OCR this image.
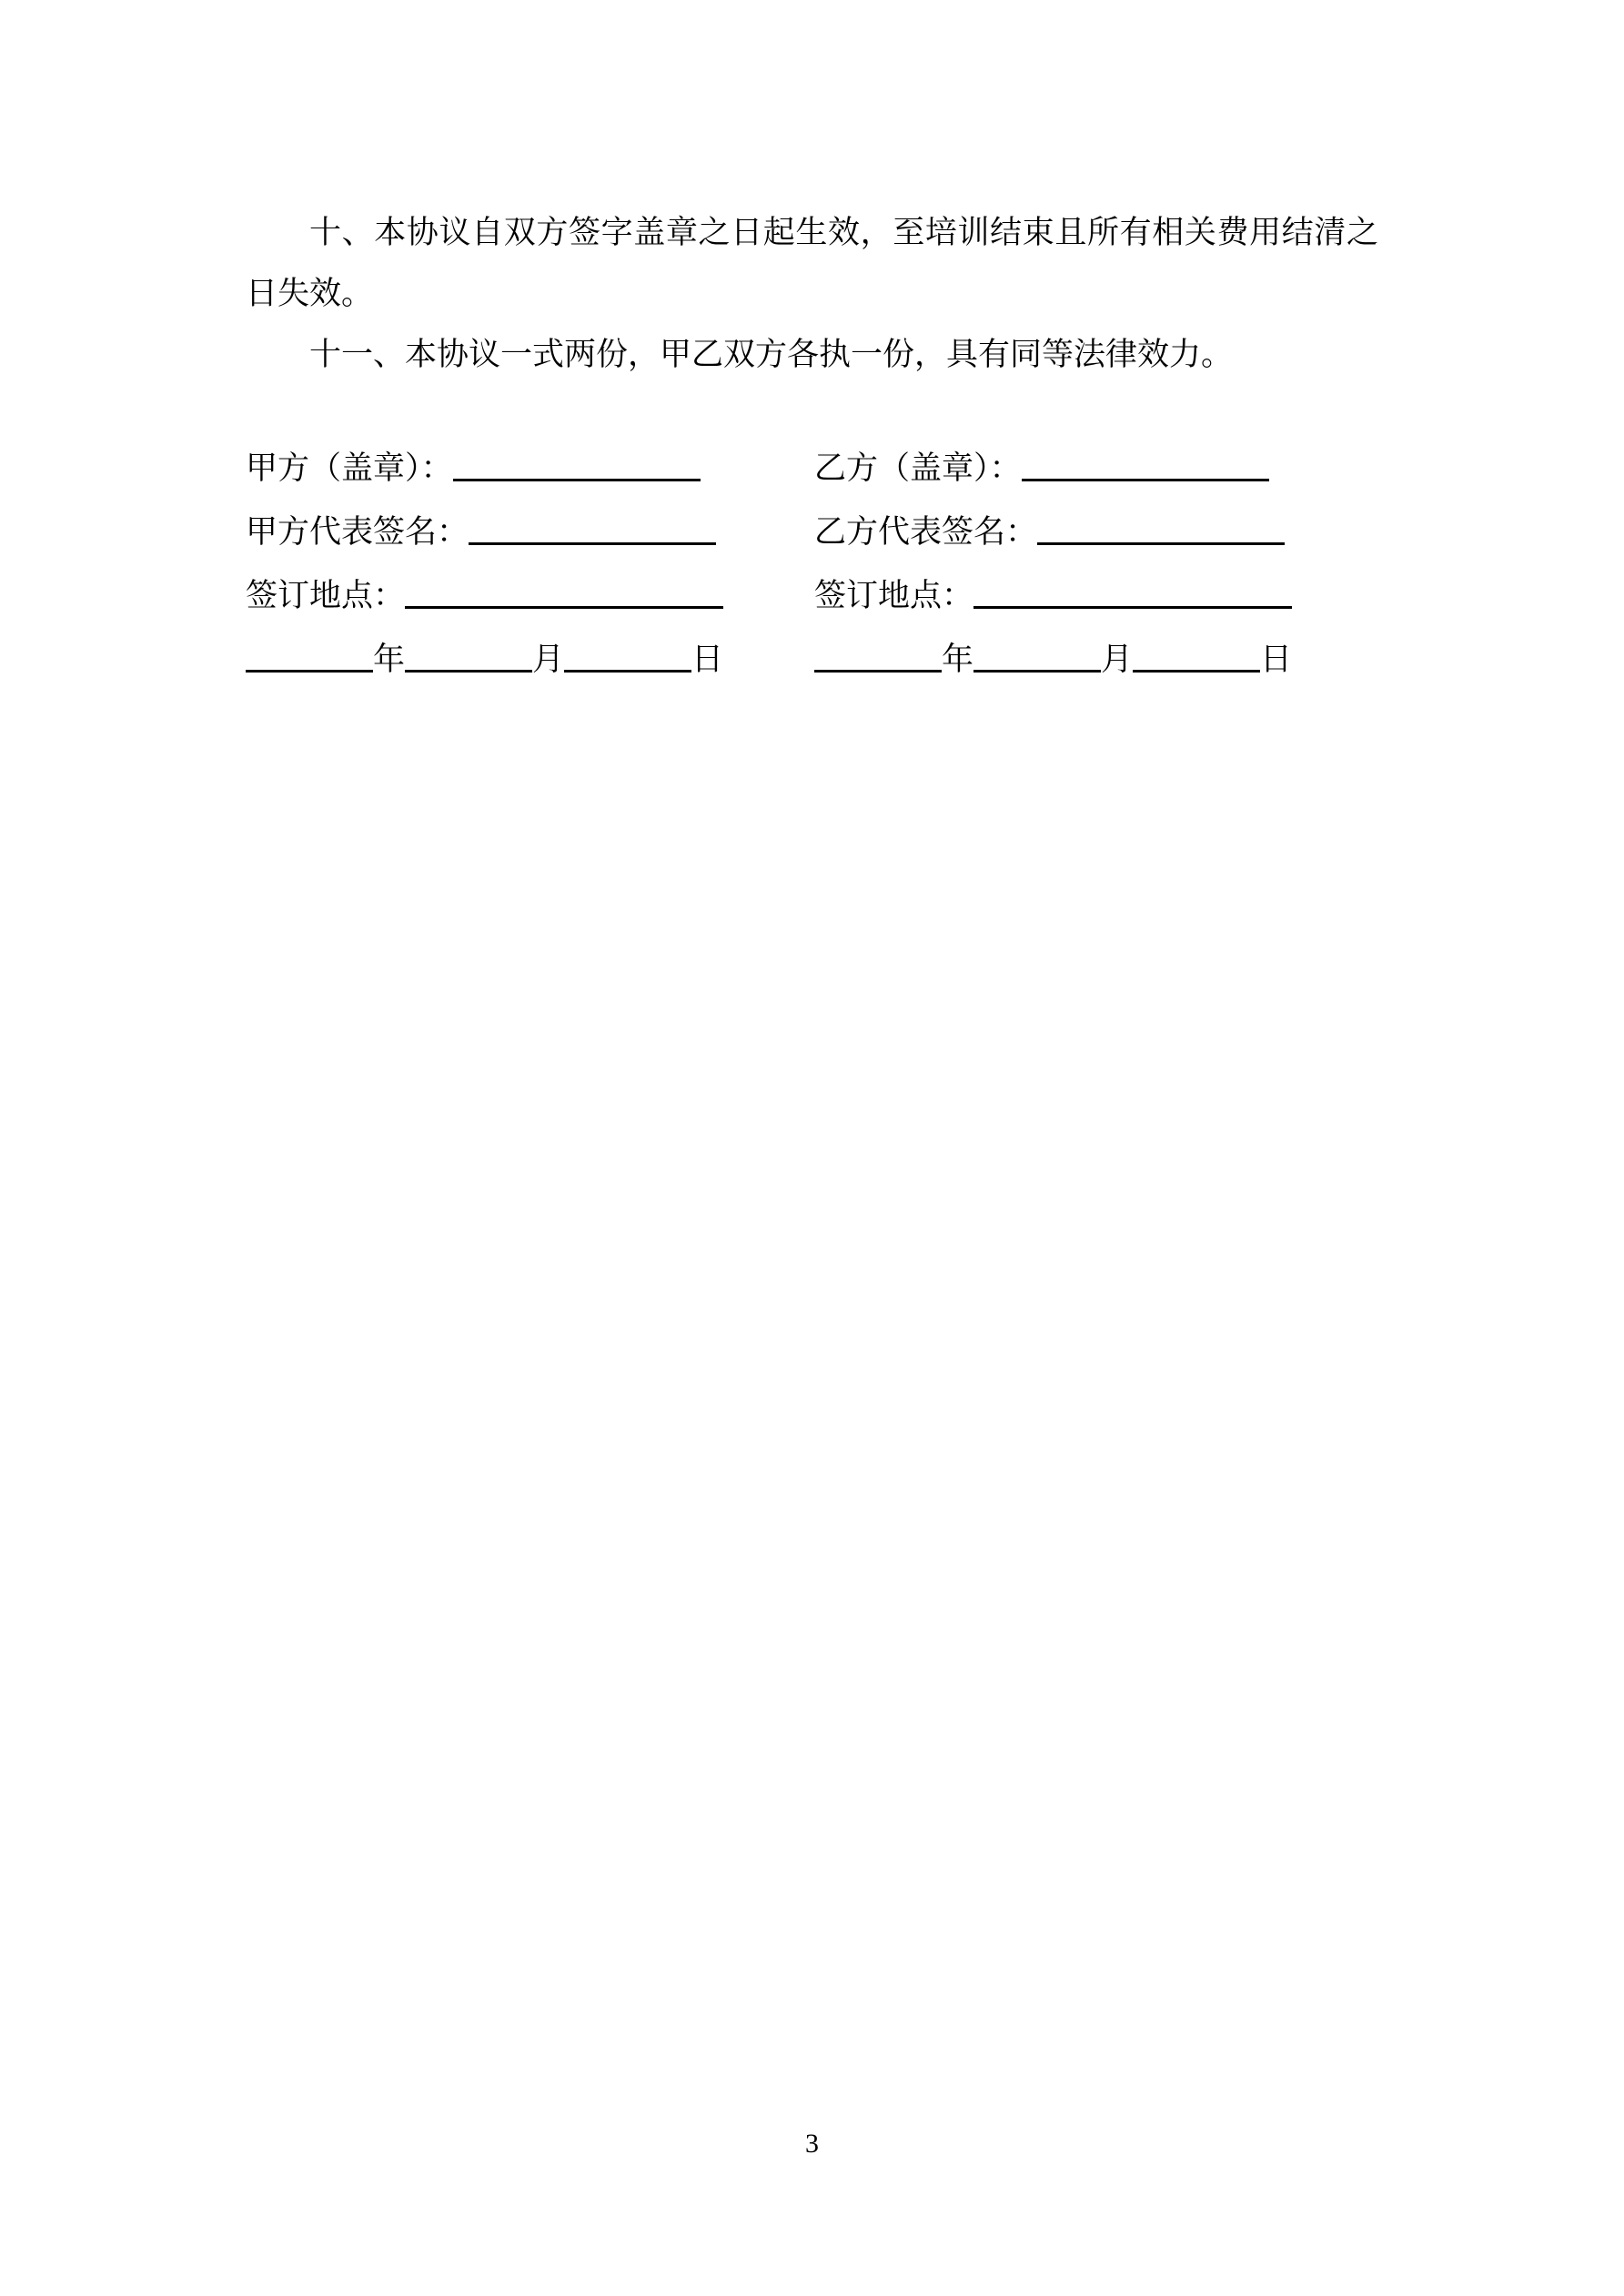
十、本协议自双方签字盖章之日起生效，至培训结束且所有相关费用结清之日失效。

十一、本协议一式两份，甲乙双方各执一份，具有同等法律效力。

甲方（盖章）：	乙方（盖章）：
甲方代表签名：	乙方代表签名：
签订地点：	签订地点：
年	月	日	年	月	日
3
